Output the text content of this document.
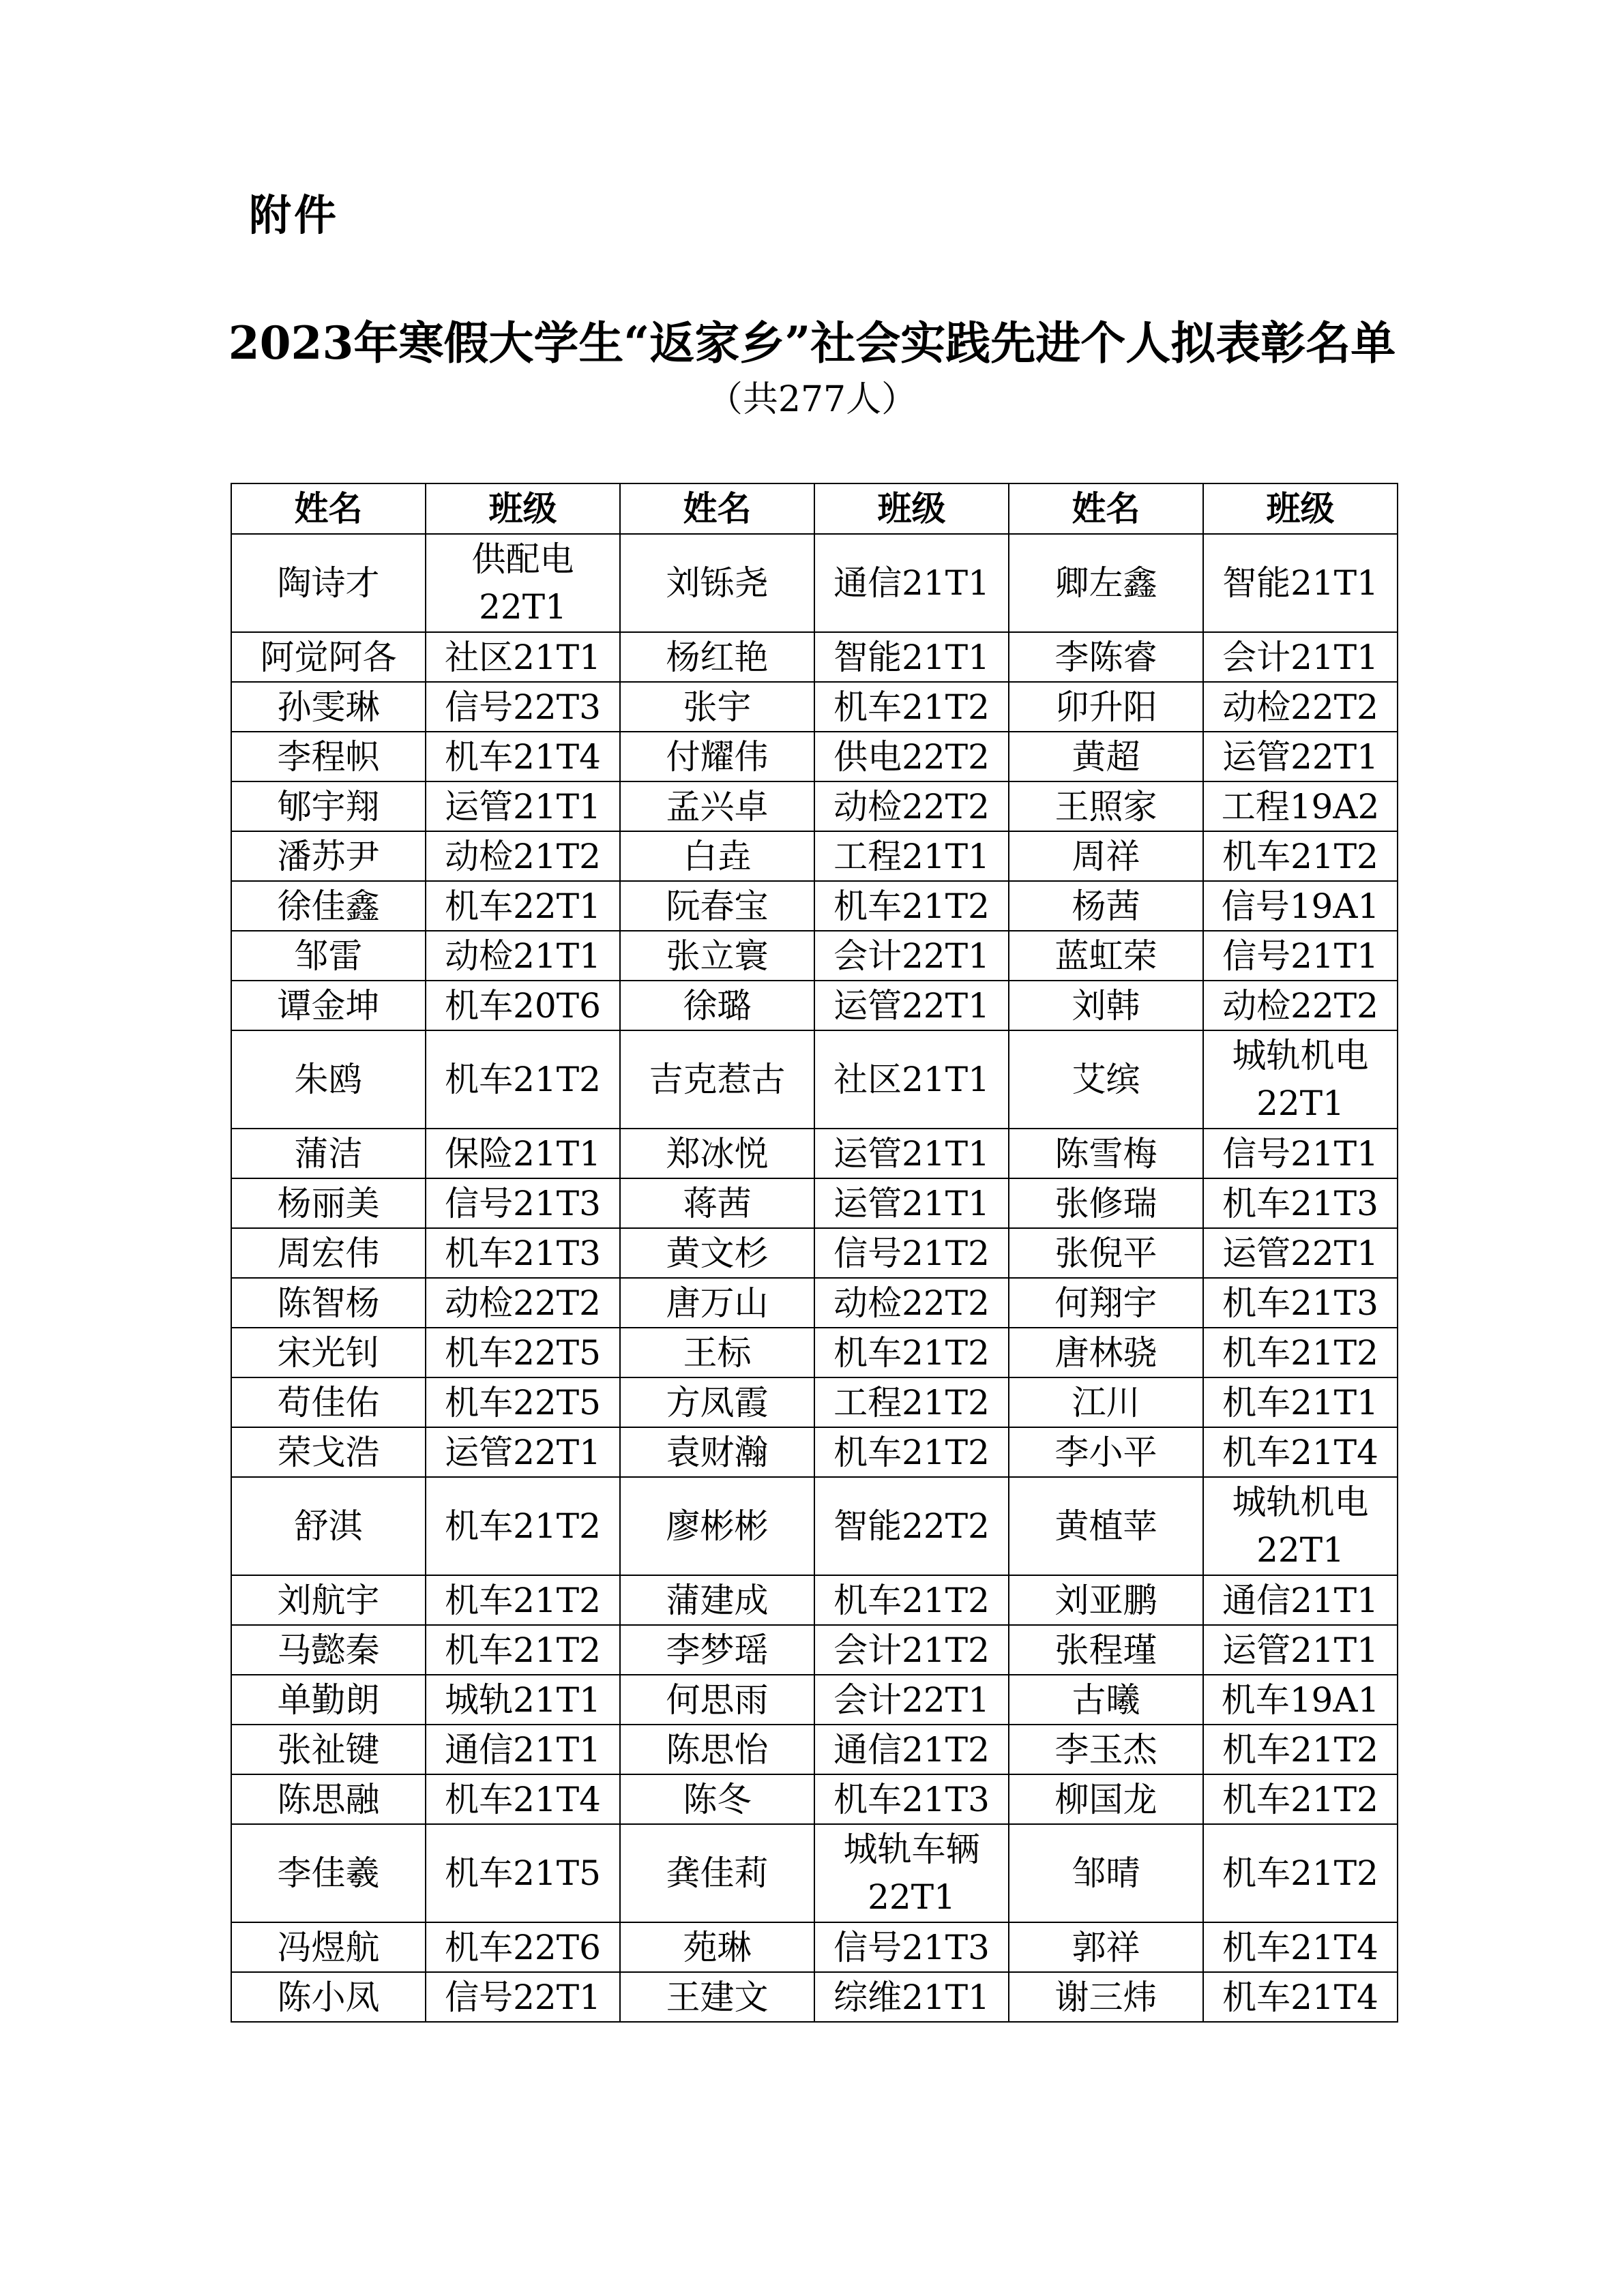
附件
2023年寒假大学生“返家乡”社会实践先进个人拟表彰名单
（共277人）
姓名	班级	姓名	班级	姓名	班级
陶诗才	供配电22T1	刘铄尧	通信21T1	卿左鑫	智能21T1
阿觉阿各	社区21T1	杨红艳	智能21T1	李陈睿	会计21T1
孙雯琳	信号22T3	张宇	机车21T2	卯升阳	动检22T2
李程帜	机车21T4	付耀伟	供电22T2	黄超	运管22T1
郇宇翔	运管21T1	孟兴卓	动检22T2	王照家	工程19A2
潘苏尹	动检21T2	白垚	工程21T1	周祥	机车21T2
徐佳鑫	机车22T1	阮春宝	机车21T2	杨茜	信号19A1
邹雷	动检21T1	张立寰	会计22T1	蓝虹荣	信号21T1
谭金坤	机车20T6	徐璐	运管22T1	刘韩	动检22T2
朱鸥	机车21T2	吉克惹古	社区21T1	艾缤	城轨机电22T1
蒲洁	保险21T1	郑冰悦	运管21T1	陈雪梅	信号21T1
杨丽美	信号21T3	蒋茜	运管21T1	张修瑞	机车21T3
周宏伟	机车21T3	黄文杉	信号21T2	张倪平	运管22T1
陈智杨	动检22T2	唐万山	动检22T2	何翔宇	机车21T3
宋光钊	机车22T5	王标	机车21T2	唐林骁	机车21T2
苟佳佑	机车22T5	方凤霞	工程21T2	江川	机车21T1
荣戈浩	运管22T1	袁财瀚	机车21T2	李小平	机车21T4
舒淇	机车21T2	廖彬彬	智能22T2	黄植苹	城轨机电22T1
刘航宇	机车21T2	蒲建成	机车21T2	刘亚鹏	通信21T1
马懿秦	机车21T2	李梦瑶	会计21T2	张程瑾	运管21T1
单勤朗	城轨21T1	何思雨	会计22T1	古曦	机车19A1
张祉键	通信21T1	陈思怡	通信21T2	李玉杰	机车21T2
陈思融	机车21T4	陈冬	机车21T3	柳国龙	机车21T2
李佳羲	机车21T5	龚佳莉	城轨车辆22T1	邹晴	机车21T2
冯煜航	机车22T6	苑琳	信号21T3	郭祥	机车21T4
陈小凤	信号22T1	王建文	综维21T1	谢三炜	机车21T4
